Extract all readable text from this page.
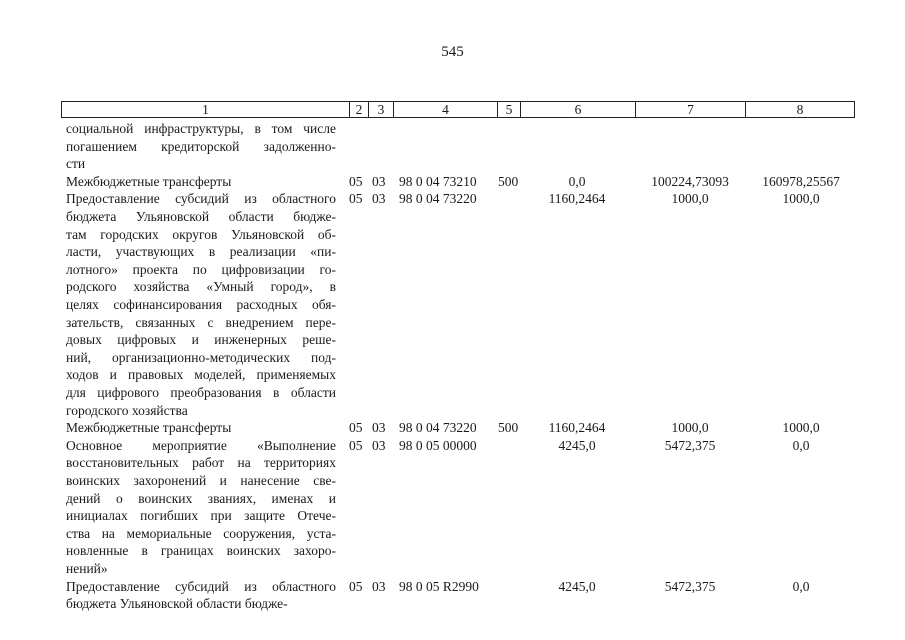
545
1	2	3	4	5	6	7	8
социальной инфраструктуры, в том числе
погашением кредиторской задолженно-
сти
Межбюджетные трансферты	05 03 98 0 04 73210 500	0,0	100224,73093	160978,25567
Предоставление субсидий из областного
бюджета Ульяновской области бюдже-
там городских округов Ульяновской об-
ласти, участвующих в реализации «пи-
лотного» проекта по цифровизации го-
родского хозяйства «Умный город», в
целях софинансирования расходных обя-
зательств, связанных с внедрением пере-
довых цифровых и инженерных реше-
ний, организационно-методических под-
ходов и правовых моделей, применяемых
для цифрового преобразования в области
городского хозяйства
05 03 98 0 04 73220	1160,2464	1000,0	1000,0
Межбюджетные трансферты	05 03 98 0 04 73220 500	1160,2464	1000,0	1000,0
Основное мероприятие «Выполнение
восстановительных работ на территориях
воинских захоронений и нанесение све-
дений о воинских званиях, именах и
инициалах погибших при защите Отече-
ства на мемориальные сооружения, уста-
новленные в границах воинских захоро-
нений»
05 03 98 0 05 00000	4245,0	5472,375	0,0
Предоставление субсидий из областного
бюджета Ульяновской области бюдже-
05 03 98 0 05 R2990	4245,0	5472,375	0,0
